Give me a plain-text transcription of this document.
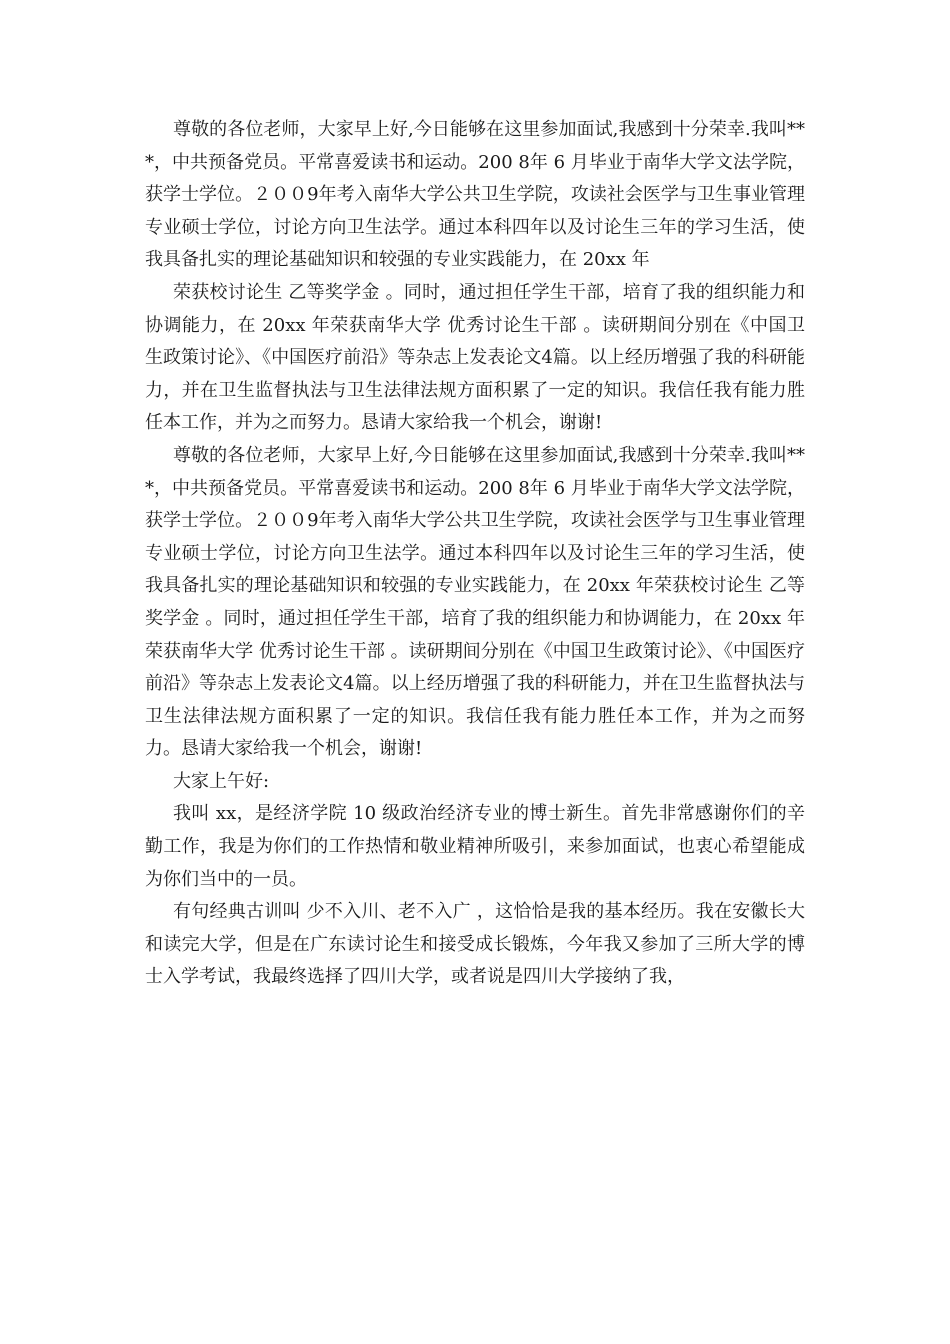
尊敬的各位老师，大家早上好,今日能够在这里参加面试,我感到十分荣幸.我叫***，中共预备党员。平常喜爱读书和运动。200 8年 6 月毕业于南华大学文法学院，获学士学位。２００9年考入南华大学公共卫生学院，攻读社会医学与卫生事业管理专业硕士学位，讨论方向卫生法学。通过本科四年以及讨论生三年的学习生活，使我具备扎实的理论基础知识和较强的专业实践能力，在 20xx 年

荣获校讨论生 乙等奖学金 。同时，通过担任学生干部，培育了我的组织能力和协调能力，在 20xx 年荣获南华大学 优秀讨论生干部 。读研期间分别在《中国卫生政策讨论》、《中国医疗前沿》等杂志上发表论文4篇。以上经历增强了我的科研能力，并在卫生监督执法与卫生法律法规方面积累了一定的知识。我信任我有能力胜任本工作，并为之而努力。恳请大家给我一个机会，谢谢!

尊敬的各位老师，大家早上好,今日能够在这里参加面试,我感到十分荣幸.我叫***，中共预备党员。平常喜爱读书和运动。200 8年 6 月毕业于南华大学文法学院，获学士学位。２００9年考入南华大学公共卫生学院，攻读社会医学与卫生事业管理专业硕士学位，讨论方向卫生法学。通过本科四年以及讨论生三年的学习生活，使我具备扎实的理论基础知识和较强的专业实践能力，在 20xx 年荣获校讨论生 乙等奖学金 。同时，通过担任学生干部，培育了我的组织能力和协调能力，在 20xx 年荣获南华大学 优秀讨论生干部 。读研期间分别在《中国卫生政策讨论》、《中国医疗前沿》等杂志上发表论文4篇。以上经历增强了我的科研能力，并在卫生监督执法与卫生法律法规方面积累了一定的知识。我信任我有能力胜任本工作，并为之而努力。恳请大家给我一个机会，谢谢!

大家上午好:

我叫 xx，是经济学院 10 级政治经济专业的博士新生。首先非常感谢你们的辛勤工作，我是为你们的工作热情和敬业精神所吸引，来参加面试，也衷心希望能成为你们当中的一员。

有句经典古训叫 少不入川、老不入广 ，这恰恰是我的基本经历。我在安徽长大和读完大学，但是在广东读讨论生和接受成长锻炼，今年我又参加了三所大学的博士入学考试，我最终选择了四川大学，或者说是四川大学接纳了我，
